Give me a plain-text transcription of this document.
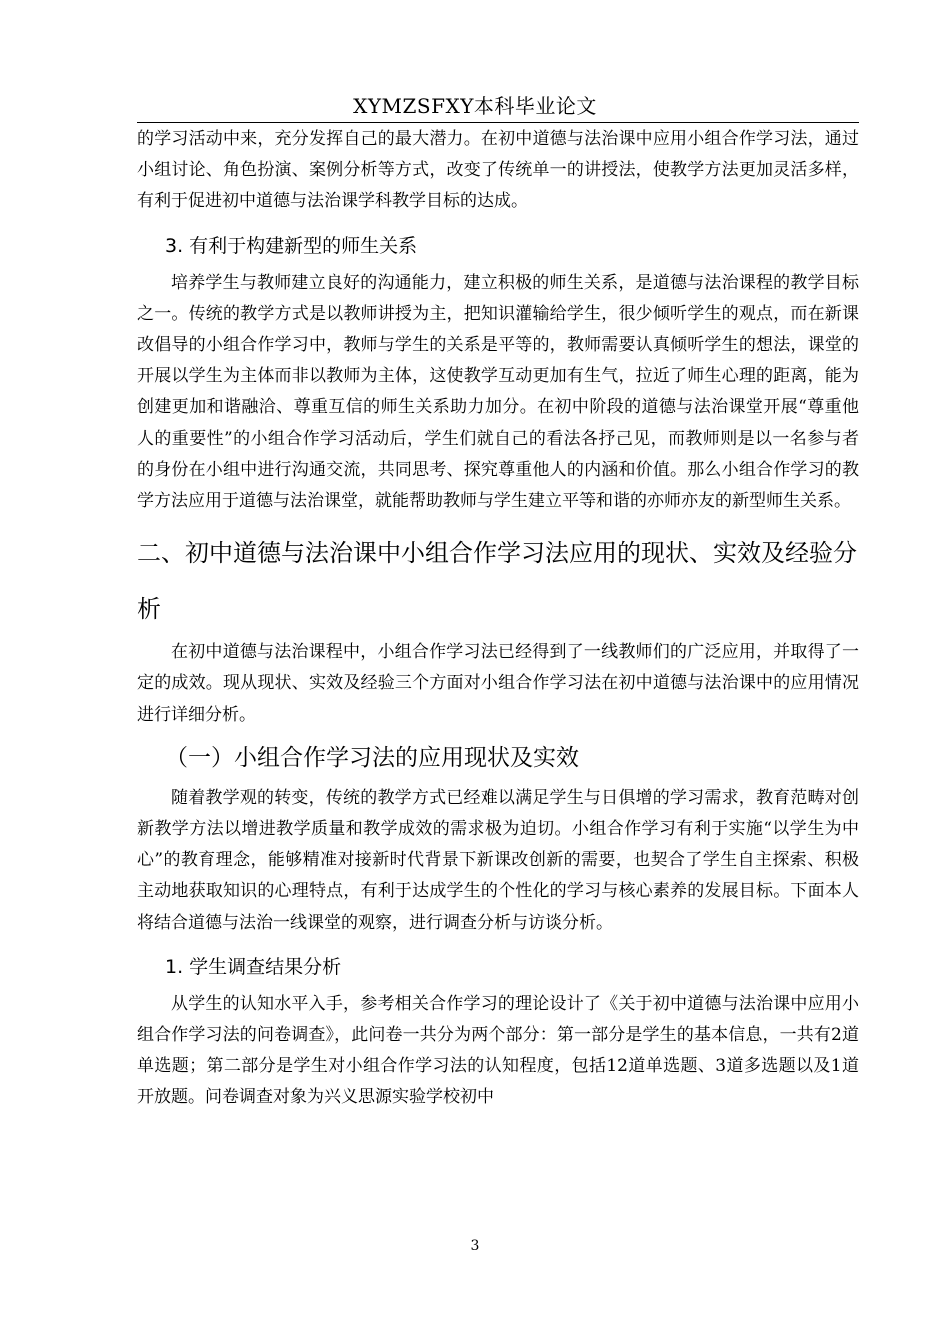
XYMZSFXY本科毕业论文

的学习活动中来，充分发挥自己的最大潜力。在初中道德与法治课中应用小组合作学习法，通过小组讨论、角色扮演、案例分析等方式，改变了传统单一的讲授法，使教学方法更加灵活多样，有利于促进初中道德与法治课学科教学目标的达成。

3. 有利于构建新型的师生关系

培养学生与教师建立良好的沟通能力，建立积极的师生关系，是道德与法治课程的教学目标之一。传统的教学方式是以教师讲授为主，把知识灌输给学生，很少倾听学生的观点，而在新课改倡导的小组合作学习中，教师与学生的关系是平等的，教师需要认真倾听学生的想法，课堂的开展以学生为主体而非以教师为主体，这使教学互动更加有生气，拉近了师生心理的距离，能为创建更加和谐融洽、尊重互信的师生关系助力加分。在初中阶段的道德与法治课堂开展“尊重他人的重要性”的小组合作学习活动后，学生们就自己的看法各抒己见，而教师则是以一名参与者的身份在小组中进行沟通交流，共同思考、探究尊重他人的内涵和价值。那么小组合作学习的教学方法应用于道德与法治课堂，就能帮助教师与学生建立平等和谐的亦师亦友的新型师生关系。

二、初中道德与法治课中小组合作学习法应用的现状、实效及经验分析

在初中道德与法治课程中，小组合作学习法已经得到了一线教师们的广泛应用，并取得了一定的成效。现从现状、实效及经验三个方面对小组合作学习法在初中道德与法治课中的应用情况进行详细分析。

（一）小组合作学习法的应用现状及实效

随着教学观的转变，传统的教学方式已经难以满足学生与日俱增的学习需求，教育范畴对创新教学方法以增进教学质量和教学成效的需求极为迫切。小组合作学习有利于实施“以学生为中心”的教育理念，能够精准对接新时代背景下新课改创新的需要，也契合了学生自主探索、积极主动地获取知识的心理特点，有利于达成学生的个性化的学习与核心素养的发展目标。下面本人将结合道德与法治一线课堂的观察，进行调查分析与访谈分析。

1. 学生调查结果分析

从学生的认知水平入手，参考相关合作学习的理论设计了《关于初中道德与法治课中应用小组合作学习法的问卷调查》，此问卷一共分为两个部分：第一部分是学生的基本信息，一共有2道单选题；第二部分是学生对小组合作学习法的认知程度，包括12道单选题、3道多选题以及1道开放题。问卷调查对象为兴义思源实验学校初中

3
